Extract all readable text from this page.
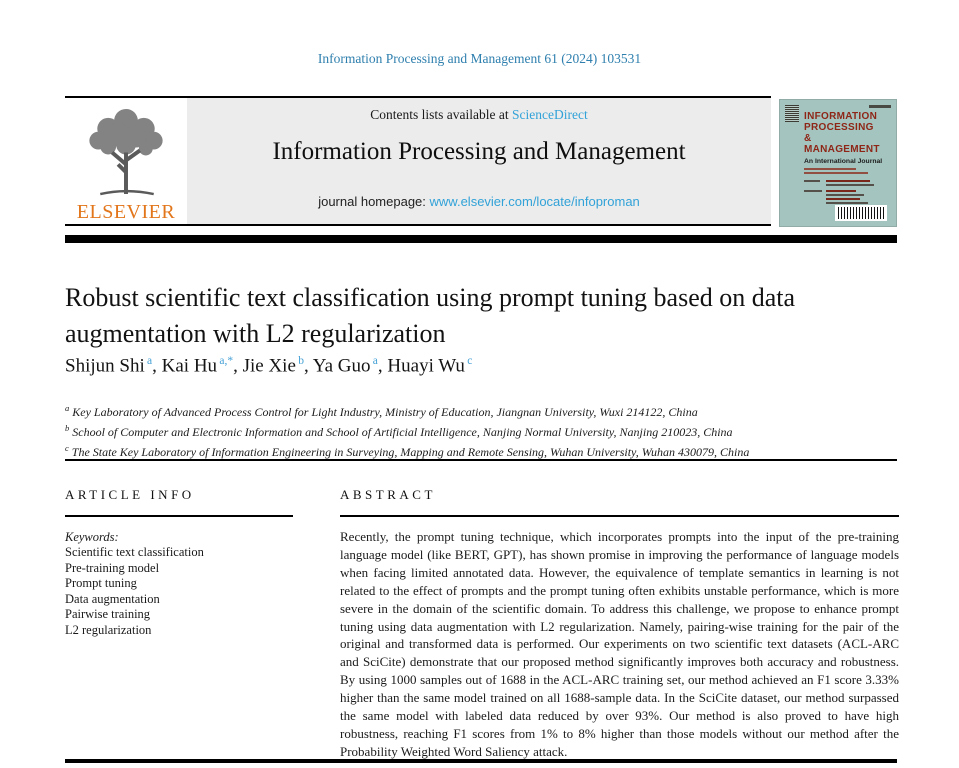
Information Processing and Management 61 (2024) 103531
ELSEVIER
Contents lists available at ScienceDirect
Information Processing and Management
journal homepage: www.elsevier.com/locate/infoproman
INFORMATION
PROCESSING
&
MANAGEMENT
An International Journal
Robust scientific text classification using prompt tuning based on data augmentation with L2 regularization
Shijun Shi $^a$, Kai Hu $^{a,*}$, Jie Xie $^b$, Ya Guo $^a$, Huayi Wu $^c$
$^a$ Key Laboratory of Advanced Process Control for Light Industry, Ministry of Education, Jiangnan University, Wuxi 214122, China
$^b$ School of Computer and Electronic Information and School of Artificial Intelligence, Nanjing Normal University, Nanjing 210023, China
$^c$ The State Key Laboratory of Information Engineering in Surveying, Mapping and Remote Sensing, Wuhan University, Wuhan 430079, China
ARTICLE INFO
Keywords:
Scientific text classification
Pre-training model
Prompt tuning
Data augmentation
Pairwise training
L2 regularization
ABSTRACT
Recently, the prompt tuning technique, which incorporates prompts into the input of the pre-training language model (like BERT, GPT), has shown promise in improving the performance of language models when facing limited annotated data. However, the equivalence of template semantics in learning is not related to the effect of prompts and the prompt tuning often exhibits unstable performance, which is more severe in the domain of the scientific domain. To address this challenge, we propose to enhance prompt tuning using data augmentation with L2 regularization. Namely, pairing-wise training for the pair of the original and transformed data is performed. Our experiments on two scientific text datasets (ACL-ARC and SciCite) demonstrate that our proposed method significantly improves both accuracy and robustness. By using 1000 samples out of 1688 in the ACL-ARC training set, our method achieved an F1 score 3.33% higher than the same model trained on all 1688-sample data. In the SciCite dataset, our method surpassed the same model with labeled data reduced by over 93%. Our method is also proved to have high robustness, reaching F1 scores from 1% to 8% higher than those models without our method after the Probability Weighted Word Saliency attack.
